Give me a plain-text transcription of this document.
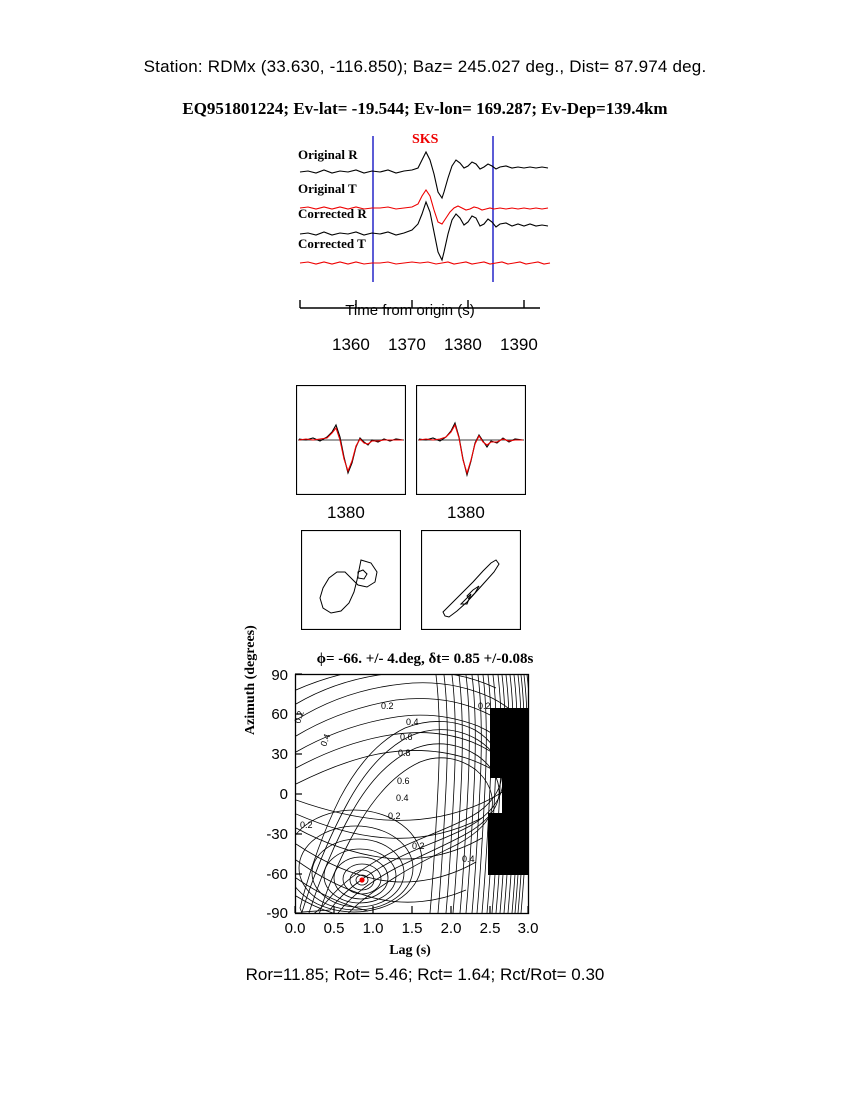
Station: RDMx (33.630, -116.850); Baz= 245.027 deg., Dist= 87.974 deg.
EQ951801224; Ev-lat= -19.544; Ev-lon= 169.287; Ev-Dep=139.4km
SKS
Original R
Original T
Corrected R
Corrected T
Time from origin (s)
1360 1370 1380 1390
1380	1380
ϕ= -66. +/- 4.deg, δt= 0.85 +/-0.08s
90
60
30
0
-30
-60
-90
0.2
0.2
0.2
0.4
0.4	0.6
0.8
0.6
0.4
0.2
0.2
0.2
0.4
0.0 0.5 1.0 1.5 2.0 2.5 3.0
Azimuth (degrees)
Lag (s)
Ror=11.85; Rot= 5.46; Rct= 1.64; Rct/Rot= 0.30
